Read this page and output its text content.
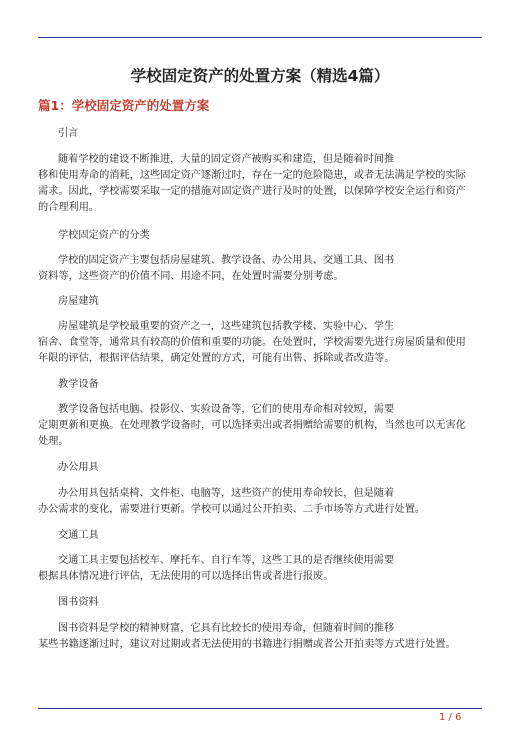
学校固定资产的处置方案（精选4篇）
篇1：学校固定资产的处置方案
引言
随着学校的建设不断推进，大量的固定资产被购买和建造，但是随着时间推
移和使用寿命的消耗，这些固定资产逐渐过时，存在一定的危险隐患，或者无法满足学校的实际
需求。因此，学校需要采取一定的措施对固定资产进行及时的处置，以保障学校安全运行和资产
的合理利用。
学校固定资产的分类
学校的固定资产主要包括房屋建筑、教学设备、办公用具、交通工具、图书
资料等，这些资产的价值不同、用途不同，在处置时需要分别考虑。
房屋建筑
房屋建筑是学校最重要的资产之一，这些建筑包括教学楼、实验中心、学生
宿舍、食堂等，通常具有较高的价值和重要的功能。在处置时，学校需要先进行房屋质量和使用
年限的评估，根据评估结果，确定处置的方式，可能有出售、拆除或者改造等。
教学设备
教学设备包括电脑、投影仪、实验设备等，它们的使用寿命相对较短，需要
定期更新和更换。在处理教学设备时，可以选择卖出或者捐赠给需要的机构，当然也可以无害化
处理。
办公用具
办公用具包括桌椅、文件柜、电脑等，这些资产的使用寿命较长，但是随着
办公需求的变化，需要进行更新。学校可以通过公开拍卖、二手市场等方式进行处置。
交通工具
交通工具主要包括校车、摩托车、自行车等，这些工具的是否继续使用需要
根据具体情况进行评估，无法使用的可以选择出售或者进行报废。
图书资料
图书资料是学校的精神财富，它具有比较长的使用寿命，但随着时间的推移
某些书籍逐渐过时，建议对过期或者无法使用的书籍进行捐赠或者公开拍卖等方式进行处置。
1 / 6
